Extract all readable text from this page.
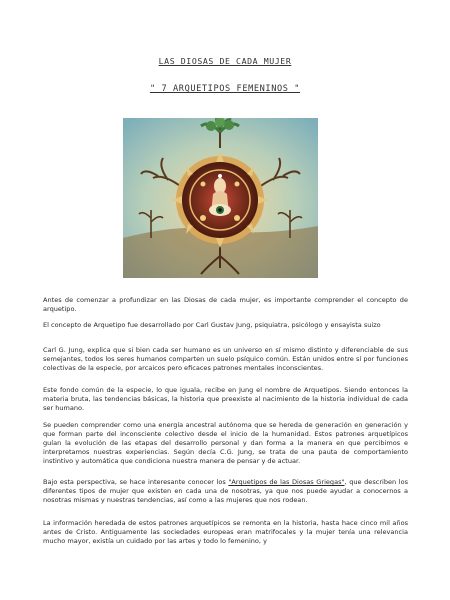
LAS DIOSAS DE CADA MUJER
" 7 ARQUETIPOS FEMENINOS "
Antes de comenzar a profundizar en las Diosas de cada mujer, es importante comprender el concepto de arquetipo.
El concepto de Arquetipo fue desarrollado por Carl Gustav Jung, psiquiatra, psicólogo y ensayista suizo
Carl G. Jung, explica que si bien cada ser humano es un universo en sí mismo distinto y diferenciable de sus semejantes, todos los seres humanos comparten un suelo psíquico común. Están unidos entre sí por funciones colectivas de la especie, por arcaicos pero eficaces patrones mentales inconscientes.
Este fondo común de la especie, lo que iguala, recibe en Jung el nombre de Arquetipos. Siendo entonces la materia bruta, las tendencias básicas, la historia que preexiste al nacimiento de la historia individual de cada ser humano.
Se pueden comprender como una energía ancestral autónoma que se hereda de generación en generación y que forman parte del inconsciente colectivo desde el inicio de la humanidad. Estos patrones arquetípicos guían la evolución de las etapas del desarrollo personal y dan forma a la manera en que percibimos e interpretamos nuestras experiencias. Según decía C.G. Jung, se trata de una pauta de comportamiento instintivo y automática que condiciona nuestra manera de pensar y de actuar.
Bajo esta perspectiva, se hace interesante conocer los "Arquetipos de las Diosas Griegas", que describen los diferentes tipos de mujer que existen en cada una de nosotras, ya que nos puede ayudar a conocernos a nosotras mismas y nuestras tendencias, así como a las mujeres que nos rodean.
La información heredada de estos patrones arquetípicos se remonta en la historia, hasta hace cinco mil años antes de Cristo. Antiguamente las sociedades europeas eran matrifocales y la mujer tenía una relevancia mucho mayor, existía un cuidado por las artes y todo lo femenino, y
